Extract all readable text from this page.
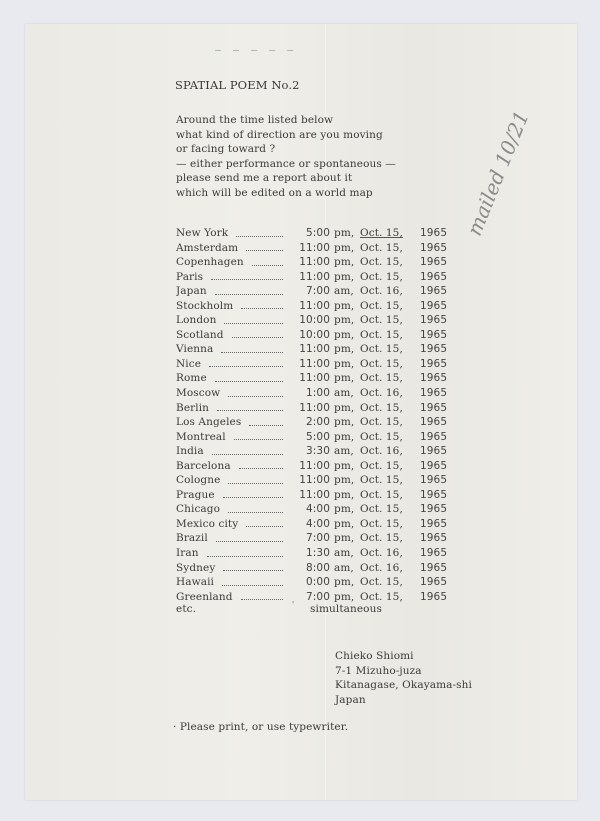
– — – — —
SPATIAL POEM No.2
Around the time listed below
what kind of direction are you moving
or facing toward ?
— either performance or spontaneous —
please send me a report about it
which will be edited on a world map	mailed 10/21
New York	5:00 pm, Oct. 15,	1965
Amsterdam	11:00 pm, Oct. 15,	1965
Copenhagen	11:00 pm, Oct. 15,	1965
Paris	11:00 pm, Oct. 15,	1965
Japan	7:00 am, Oct. 16,	1965
Stockholm	11:00 pm, Oct. 15,	1965
London	10:00 pm, Oct. 15,	1965
Scotland	10:00 pm, Oct. 15,	1965
Vienna	11:00 pm, Oct. 15,	1965
Nice	11:00 pm, Oct. 15,	1965
Rome	11:00 pm, Oct. 15,	1965
Moscow	1:00 am, Oct. 16,	1965
Berlin	11:00 pm, Oct. 15,	1965
Los Angeles	2:00 pm, Oct. 15,	1965
Montreal	5:00 pm, Oct. 15,	1965
India	3:30 am, Oct. 16,	1965
Barcelona	11:00 pm, Oct. 15,	1965
Cologne	11:00 pm, Oct. 15,	1965
Prague	11:00 pm, Oct. 15,	1965
Chicago	4:00 pm, Oct. 15,	1965
Mexico city	4:00 pm, Oct. 15,	1965
Brazil	7:00 pm, Oct. 15,	1965
Iran	1:30 am, Oct. 16,	1965
Sydney	8:00 am, Oct. 16,	1965
Hawaii	0:00 pm, Oct. 15,	1965
Greenland	7:00 pm, Oct. 15,	1965
etc.	' simultaneous
Chieko Shiomi
7-1 Mizuho-juza
Kitanagase, Okayama-shi
Japan
· Please print, or use typewriter.
